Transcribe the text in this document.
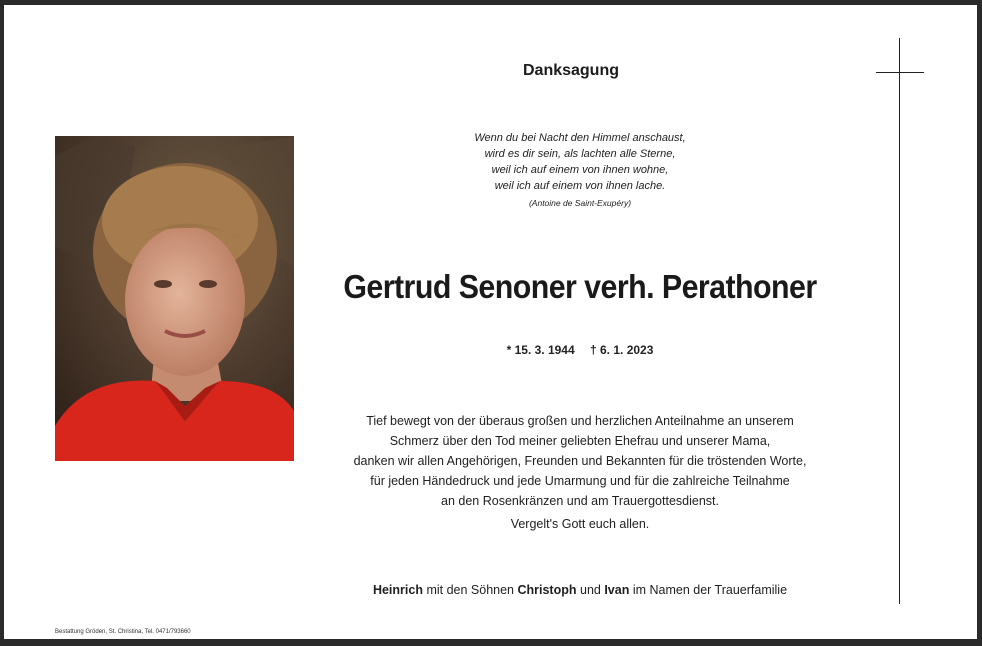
Danksagung
Wenn du bei Nacht den Himmel anschaust,
wird es dir sein, als lachten alle Sterne,
weil ich auf einem von ihnen wohne,
weil ich auf einem von ihnen lache.
(Antoine de Saint-Exupéry)
Gertrud Senoner verh. Perathoner
* 15. 3. 1944 † 6. 1. 2023
Tief bewegt von der überaus großen und herzlichen Anteilnahme an unserem
Schmerz über den Tod meiner geliebten Ehefrau und unserer Mama,
danken wir allen Angehörigen, Freunden und Bekannten für die tröstenden Worte,
für jeden Händedruck und jede Umarmung und für die zahlreiche Teilnahme
an den Rosenkränzen und am Trauergottesdienst.
Vergelt's Gott euch allen.
Heinrich mit den Söhnen Christoph und Ivan im Namen der Trauerfamilie
Bestattung Gröden, St. Christina, Tel. 0471/793660
